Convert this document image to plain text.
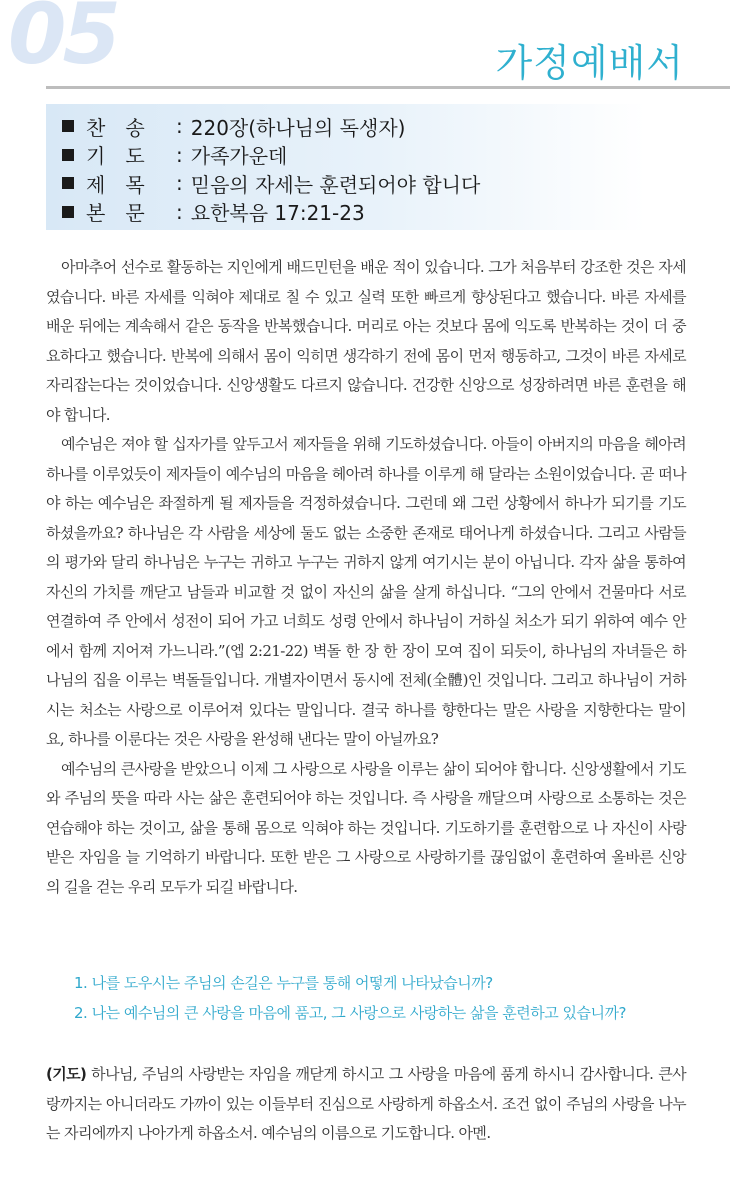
05	가정예배서
찬　송	: 220장(하나님의 독생자)
기　도	: 가족가운데
제　목	: 믿음의 자세는 훈련되어야 합니다
본　문	: 요한복음 17:21-23

아마추어 선수로 활동하는 지인에게 배드민턴을 배운 적이 있습니다. 그가 처음부터 강조한 것은 자세였습니다. 바른 자세를 익혀야 제대로 칠 수 있고 실력 또한 빠르게 향상된다고 했습니다. 바른 자세를 배운 뒤에는 계속해서 같은 동작을 반복했습니다. 머리로 아는 것보다 몸에 익도록 반복하는 것이 더 중요하다고 했습니다. 반복에 의해서 몸이 익히면 생각하기 전에 몸이 먼저 행동하고, 그것이 바른 자세로 자리잡는다는 것이었습니다. 신앙생활도 다르지 않습니다. 건강한 신앙으로 성장하려면 바른 훈련을 해야 합니다.

예수님은 져야 할 십자가를 앞두고서 제자들을 위해 기도하셨습니다. 아들이 아버지의 마음을 헤아려 하나를 이루었듯이 제자들이 예수님의 마음을 헤아려 하나를 이루게 해 달라는 소원이었습니다. 곧 떠나야 하는 예수님은 좌절하게 될 제자들을 걱정하셨습니다. 그런데 왜 그런 상황에서 하나가 되기를 기도하셨을까요? 하나님은 각 사람을 세상에 둘도 없는 소중한 존재로 태어나게 하셨습니다. 그리고 사람들의 평가와 달리 하나님은 누구는 귀하고 누구는 귀하지 않게 여기시는 분이 아닙니다. 각자 삶을 통하여 자신의 가치를 깨닫고 남들과 비교할 것 없이 자신의 삶을 살게 하십니다. “그의 안에서 건물마다 서로 연결하여 주 안에서 성전이 되어 가고 너희도 성령 안에서 하나님이 거하실 처소가 되기 위하여 예수 안에서 함께 지어져 가느니라.”(엡 2:21-22) 벽돌 한 장 한 장이 모여 집이 되듯이, 하나님의 자녀들은 하나님의 집을 이루는 벽돌들입니다. 개별자이면서 동시에 전체(全體)인 것입니다. 그리고 하나님이 거하시는 처소는 사랑으로 이루어져 있다는 말입니다. 결국 하나를 향한다는 말은 사랑을 지향한다는 말이요, 하나를 이룬다는 것은 사랑을 완성해 낸다는 말이 아닐까요?

예수님의 큰사랑을 받았으니 이제 그 사랑으로 사랑을 이루는 삶이 되어야 합니다. 신앙생활에서 기도와 주님의 뜻을 따라 사는 삶은 훈련되어야 하는 것입니다. 즉 사랑을 깨달으며 사랑으로 소통하는 것은 연습해야 하는 것이고, 삶을 통해 몸으로 익혀야 하는 것입니다. 기도하기를 훈련함으로 나 자신이 사랑받은 자임을 늘 기억하기 바랍니다. 또한 받은 그 사랑으로 사랑하기를 끊임없이 훈련하여 올바른 신앙의 길을 걷는 우리 모두가 되길 바랍니다.

1. 나를 도우시는 주님의 손길은 누구를 통해 어떻게 나타났습니까?
2. 나는 예수님의 큰 사랑을 마음에 품고, 그 사랑으로 사랑하는 삶을 훈련하고 있습니까?
(기도) 하나님, 주님의 사랑받는 자임을 깨닫게 하시고 그 사랑을 마음에 품게 하시니 감사합니다. 큰사랑까지는 아니더라도 가까이 있는 이들부터 진심으로 사랑하게 하옵소서. 조건 없이 주님의 사랑을 나누는 자리에까지 나아가게 하옵소서. 예수님의 이름으로 기도합니다. 아멘.
